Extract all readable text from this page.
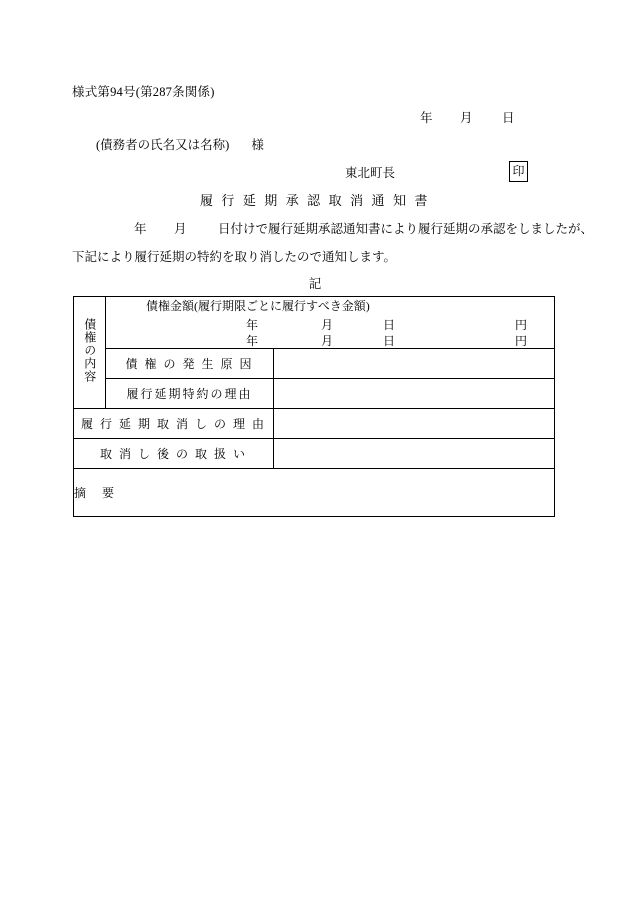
様式第94号(第287条関係)
年 月 日
(債務者の氏名又は名称) 様
東北町長	印
履 行 延 期 承 認 取 消 通 知 書
年 月	日付けで履行延期承認通知書により履行延期の承認をしましたが、
下記により履行延期の特約を取り消したので通知します。
記
債権の内容	
債権金額(履行期限ごとに履行すべき金額)
年	月	日	円
年	月	日	円

	債 権 の 発 生 原 因	
	履行延期特約の理由	
履 行 延 期 取 消 し の 理 由		
取 消 し 後 の 取 扱 い		
摘　要		
